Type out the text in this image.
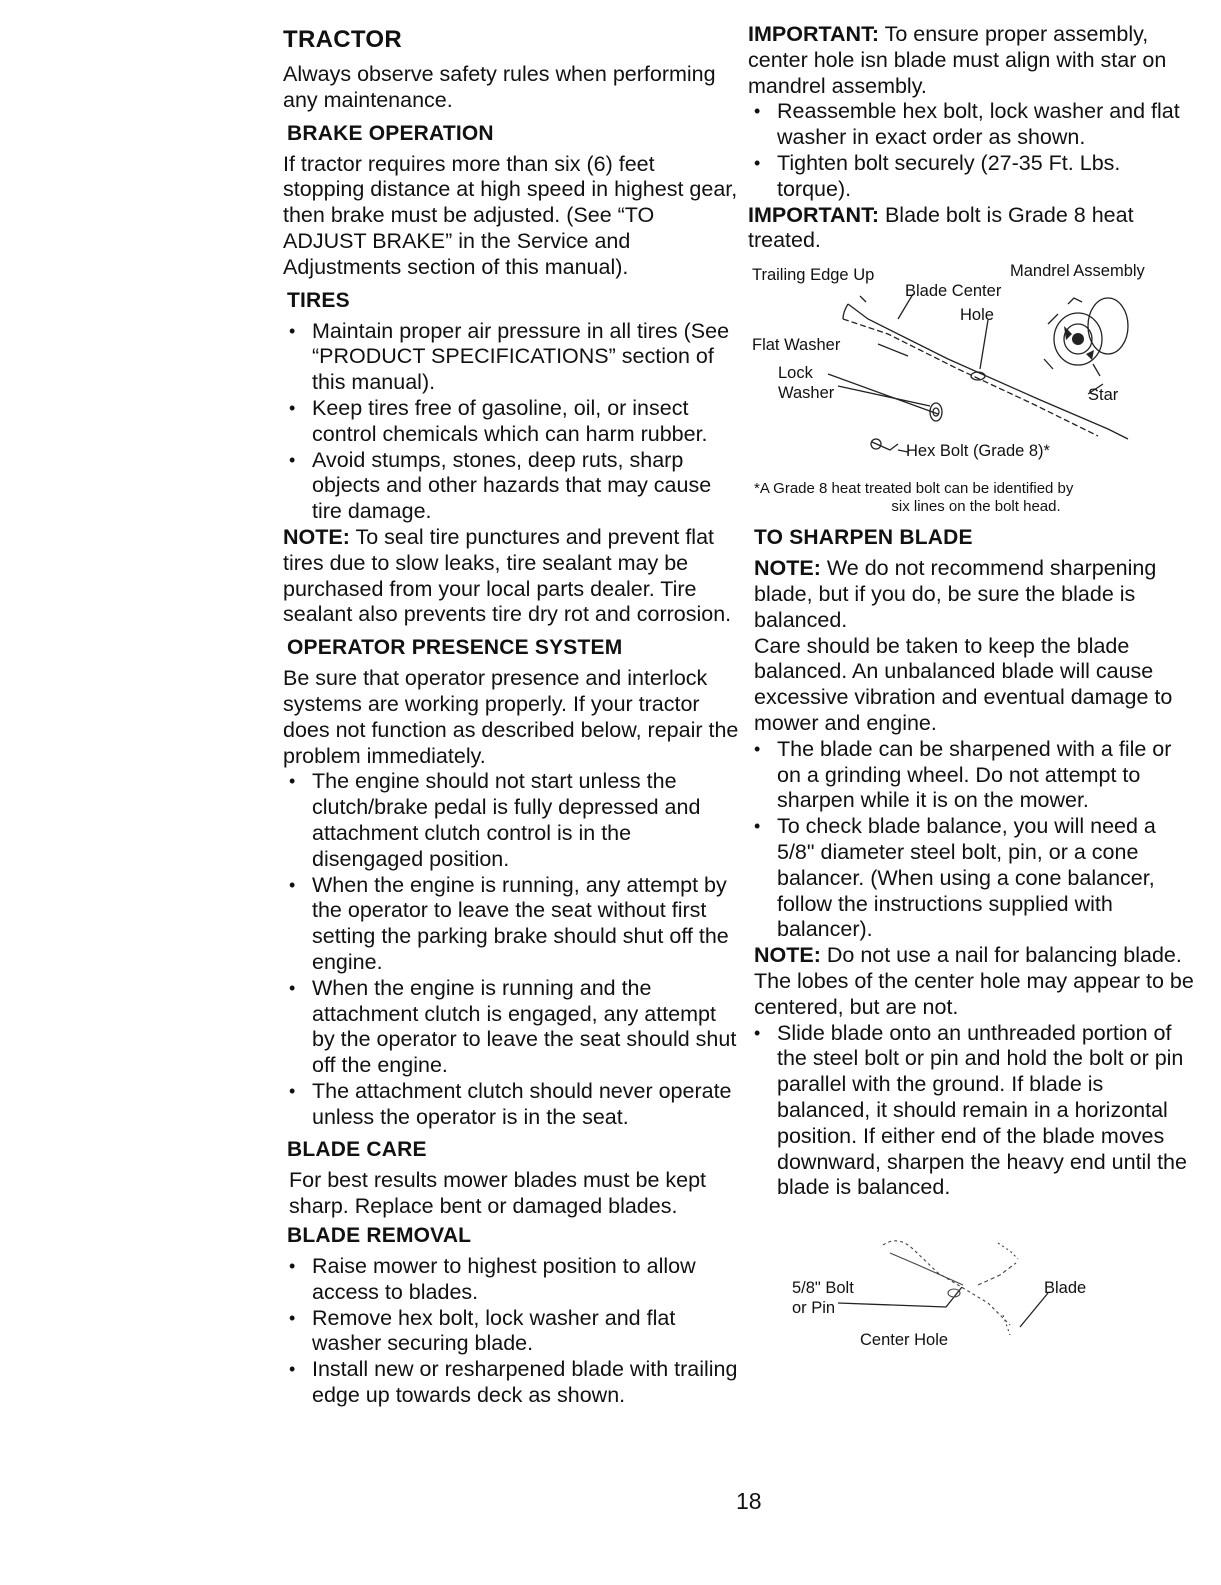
TRACTOR

Always observe safety rules when performing any maintenance.

BRAKE OPERATION

If tractor requires more than six (6) feet stopping distance at high speed in highest gear, then brake must be adjusted. (See “TO ADJUST BRAKE” in the Service and Adjustments section of this manual).

TIRES
• Maintain proper air pressure in all tires (See “PRODUCT SPECIFICATIONS” section of this manual).
• Keep tires free of gasoline, oil, or insect control chemicals which can harm rubber.
• Avoid stumps, stones, deep ruts, sharp objects and other hazards that may cause tire damage.

NOTE: To seal tire punctures and prevent flat tires due to slow leaks, tire sealant may be purchased from your local parts dealer. Tire sealant also prevents tire dry rot and corrosion.

OPERATOR PRESENCE SYSTEM

Be sure that operator presence and interlock systems are working properly. If your tractor does not function as described below, repair the problem immediately.

• The engine should not start unless the clutch/brake pedal is fully depressed and attachment clutch control is in the disengaged position.
• When the engine is running, any attempt by the operator to leave the seat without first setting the parking brake should shut off the engine.
• When the engine is running and the attachment clutch is engaged, any attempt by the operator to leave the seat should shut off the engine.
• The attachment clutch should never operate unless the operator is in the seat.
BLADE CARE

For best results mower blades must be kept sharp. Replace bent or damaged blades.

BLADE REMOVAL
• Raise mower to highest position to allow access to blades.
• Remove hex bolt, lock washer and flat washer securing blade.
• Install new or resharpened blade with trailing edge up towards deck as shown.

IMPORTANT: To ensure proper assembly, center hole isn blade must align with star on mandrel assembly.

• Reassemble hex bolt, lock washer and flat washer in exact order as shown.
• Tighten bolt securely (27-35 Ft. Lbs. torque).

IMPORTANT: Blade bolt is Grade 8 heat treated.

Trailing Edge Up
Blade Center
Hole
Mandrel Assembly
Flat Washer
Lock
Washer	Star
Hex Bolt (Grade 8)*
*A Grade 8 heat treated bolt can be identified by
six lines on the bolt head.
TO SHARPEN BLADE

NOTE: We do not recommend sharpening blade, but if you do, be sure the blade is balanced.

Care should be taken to keep the blade balanced. An unbalanced blade will cause excessive vibration and eventual damage to mower and engine.

• The blade can be sharpened with a file or on a grinding wheel. Do not attempt to sharpen while it is on the mower.
• To check blade balance, you will need a 5/8" diameter steel bolt, pin, or a cone balancer. (When using a cone balancer, follow the instructions supplied with balancer).

NOTE: Do not use a nail for balancing blade. The lobes of the center hole may appear to be centered, but are not.

• Slide blade onto an unthreaded portion of the steel bolt or pin and hold the bolt or pin parallel with the ground. If blade is balanced, it should remain in a horizontal position. If either end of the blade moves downward, sharpen the heavy end until the blade is balanced.
5/8" Bolt
or Pin
Blade
Center Hole
18
